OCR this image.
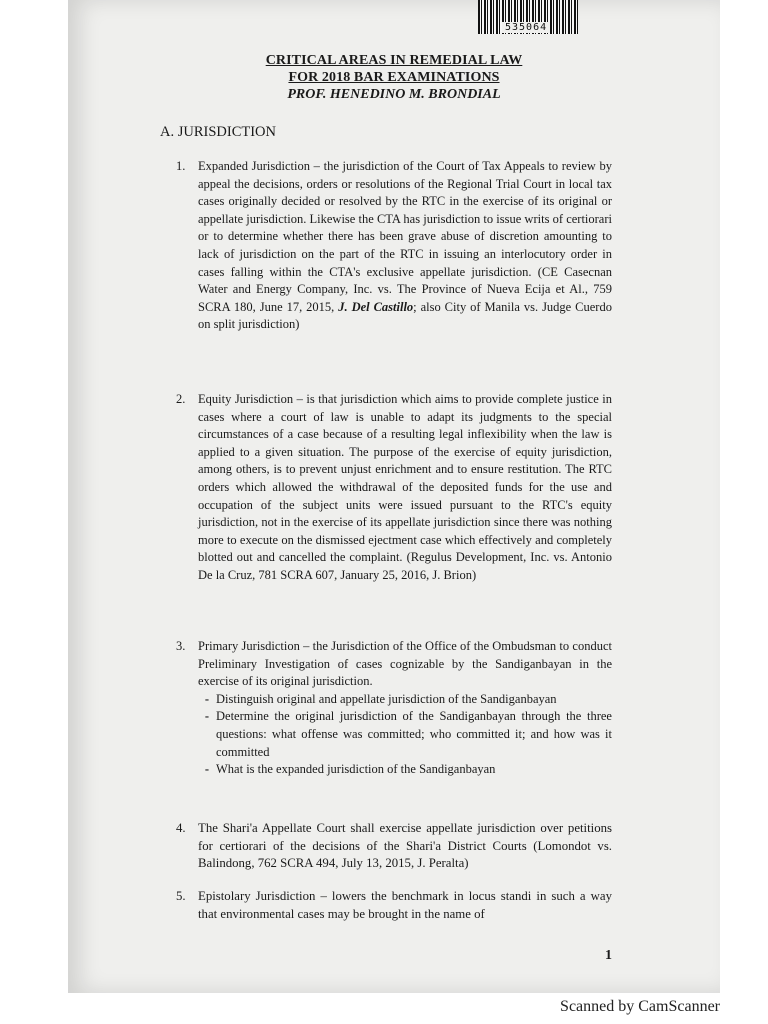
535064
CRITICAL AREAS IN REMEDIAL LAW
FOR 2018 BAR EXAMINATIONS
PROF. HENEDINO M. BRONDIAL
A. JURISDICTION
1.	Expanded Jurisdiction – the jurisdiction of the Court of Tax Appeals to review by appeal the decisions, orders or resolutions of the Regional Trial Court in local tax cases originally decided or resolved by the RTC in the exercise of its original or appellate jurisdiction. Likewise the CTA has jurisdiction to issue writs of certiorari or to determine whether there has been grave abuse of discretion amounting to lack of jurisdiction on the part of the RTC in issuing an interlocutory order in cases falling within the CTA's exclusive appellate jurisdiction. (CE Casecnan Water and Energy Company, Inc. vs. The Province of Nueva Ecija et Al., 759 SCRA 180, June 17, 2015, J. Del Castillo; also City of Manila vs. Judge Cuerdo on split jurisdiction)
2.	Equity Jurisdiction – is that jurisdiction which aims to provide complete justice in cases where a court of law is unable to adapt its judgments to the special circumstances of a case because of a resulting legal inflexibility when the law is applied to a given situation. The purpose of the exercise of equity jurisdiction, among others, is to prevent unjust enrichment and to ensure restitution. The RTC orders which allowed the withdrawal of the deposited funds for the use and occupation of the subject units were issued pursuant to the RTC's equity jurisdiction, not in the exercise of its appellate jurisdiction since there was nothing more to execute on the dismissed ejectment case which effectively and completely blotted out and cancelled the complaint. (Regulus Development, Inc. vs. Antonio De la Cruz, 781 SCRA 607, January 25, 2016, J. Brion)
3.	Primary Jurisdiction – the Jurisdiction of the Office of the Ombudsman to conduct Preliminary Investigation of cases cognizable by the Sandiganbayan in the exercise of its original jurisdiction.
- Distinguish original and appellate jurisdiction of the Sandiganbayan
- Determine the original jurisdiction of the Sandiganbayan through the three questions: what offense was committed; who committed it; and how was it committed
- What is the expanded jurisdiction of the Sandiganbayan
4. The Shari'a Appellate Court shall exercise appellate jurisdiction over petitions for certiorari of the decisions of the Shari'a District Courts (Lomondot vs. Balindong, 762 SCRA 494, July 13, 2015, J. Peralta)
5. Epistolary Jurisdiction – lowers the benchmark in locus standi in such a way that environmental cases may be brought in the name of
1
Scanned by CamScanner
